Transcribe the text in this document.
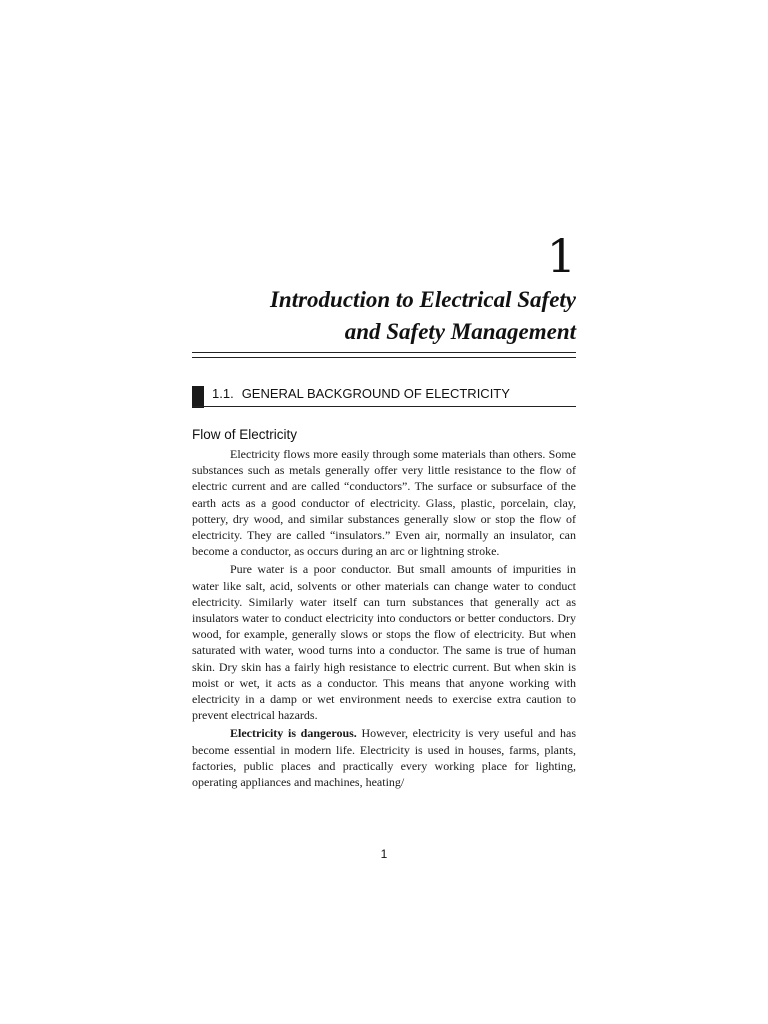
1
Introduction to Electrical Safety
and Safety Management
1.1. GENERAL BACKGROUND OF ELECTRICITY
Flow of Electricity

Electricity flows more easily through some materials than others. Some substances such as metals generally offer very little resistance to the flow of electric current and are called “conductors”. The surface or subsurface of the earth acts as a good conductor of electricity. Glass, plastic, porcelain, clay, pottery, dry wood, and similar substances generally slow or stop the flow of electricity. They are called “insulators.” Even air, normally an insulator, can become a conductor, as occurs during an arc or lightning stroke.

Pure water is a poor conductor. But small amounts of impurities in water like salt, acid, solvents or other materials can change water to conduct electricity. Similarly water itself can turn substances that generally act as insulators water to conduct electricity into conductors or better conductors. Dry wood, for example, generally slows or stops the flow of electricity. But when saturated with water, wood turns into a conductor. The same is true of human skin. Dry skin has a fairly high resistance to electric current. But when skin is moist or wet, it acts as a conductor. This means that anyone working with electricity in a damp or wet environment needs to exercise extra caution to prevent electrical hazards.

Electricity is dangerous. However, electricity is very useful and has become essential in modern life. Electricity is used in houses, farms, plants, factories, public places and practically every working place for lighting, operating appliances and machines, heating/

1
